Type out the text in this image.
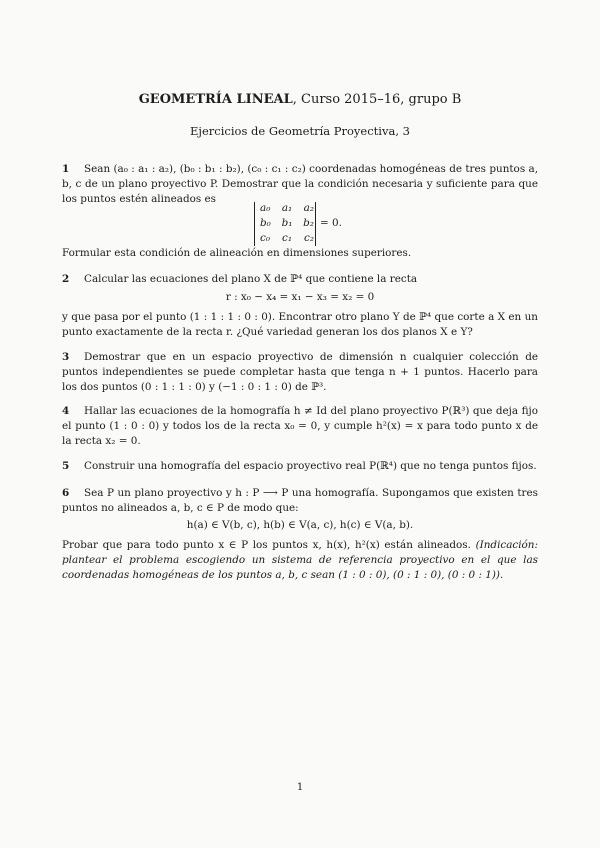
GEOMETRÍA LINEAL, Curso 2015–16, grupo B
Ejercicios de Geometría Proyectiva, 3
1 Sean (a₀ : a₁ : a₂), (b₀ : b₁ : b₂), (c₀ : c₁ : c₂) coordenadas homogéneas de tres puntos a, b, c de un plano proyectivo P. Demostrar que la condición necesaria y suficiente para que los puntos estén alineados es
a₀ a₁ a₂
b₀ b₁ b₂
c₀ c₁ c₂
= 0.
Formular esta condición de alineación en dimensiones superiores.
2 Calcular las ecuaciones del plano X de ℙ⁴ que contiene la recta
r : x₀ − x₄ = x₁ − x₃ = x₂ = 0
y que pasa por el punto (1 : 1 : 1 : 0 : 0). Encontrar otro plano Y de ℙ⁴ que corte a X en un punto exactamente de la recta r. ¿Qué variedad generan los dos planos X e Y?
3 Demostrar que en un espacio proyectivo de dimensión n cualquier colección de puntos independientes se puede completar hasta que tenga n + 1 puntos. Hacerlo para los dos puntos (0 : 1 : 1 : 0) y (−1 : 0 : 1 : 0) de ℙ³.
4 Hallar las ecuaciones de la homografía h ≠ Id del plano proyectivo P(ℝ³) que deja fijo el punto (1 : 0 : 0) y todos los de la recta x₀ = 0, y cumple h²(x) = x para todo punto x de la recta x₂ = 0.
5 Construir una homografía del espacio proyectivo real P(ℝ⁴) que no tenga puntos fijos.
6 Sea P un plano proyectivo y h : P ⟶ P una homografía. Supongamos que existen tres puntos no alineados a, b, c ∈ P de modo que:
h(a) ∈ V(b, c), h(b) ∈ V(a, c), h(c) ∈ V(a, b).
Probar que para todo punto x ∈ P los puntos x, h(x), h²(x) están alineados. (Indicación: plantear el problema escogiendo un sistema de referencia proyectivo en el que las coordenadas homogéneas de los puntos a, b, c sean (1 : 0 : 0), (0 : 1 : 0), (0 : 0 : 1)).
1
